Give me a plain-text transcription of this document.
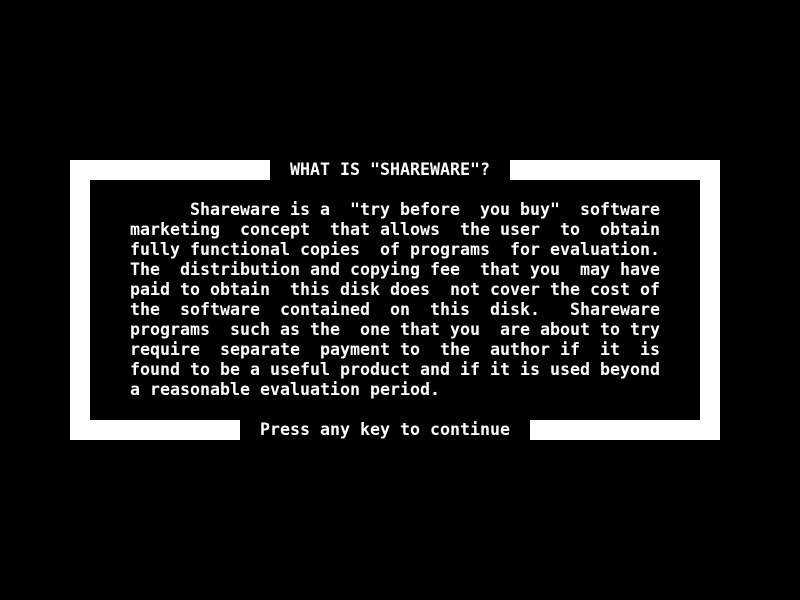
Shareware is a  "try before  you buy"  software
marketing  concept  that allows  the user  to  obtain
fully functional copies  of programs  for evaluation.
The  distribution and copying fee  that you  may have
paid to obtain  this disk does  not cover the cost of
the  software  contained  on  this  disk.   Shareware
programs  such as the  one that you  are about to try
require  separate  payment to  the  author if  it  is
found to be a useful product and if it is used beyond
a reasonable evaluation period.
WHAT IS "SHAREWARE"?
Press any key to continue
